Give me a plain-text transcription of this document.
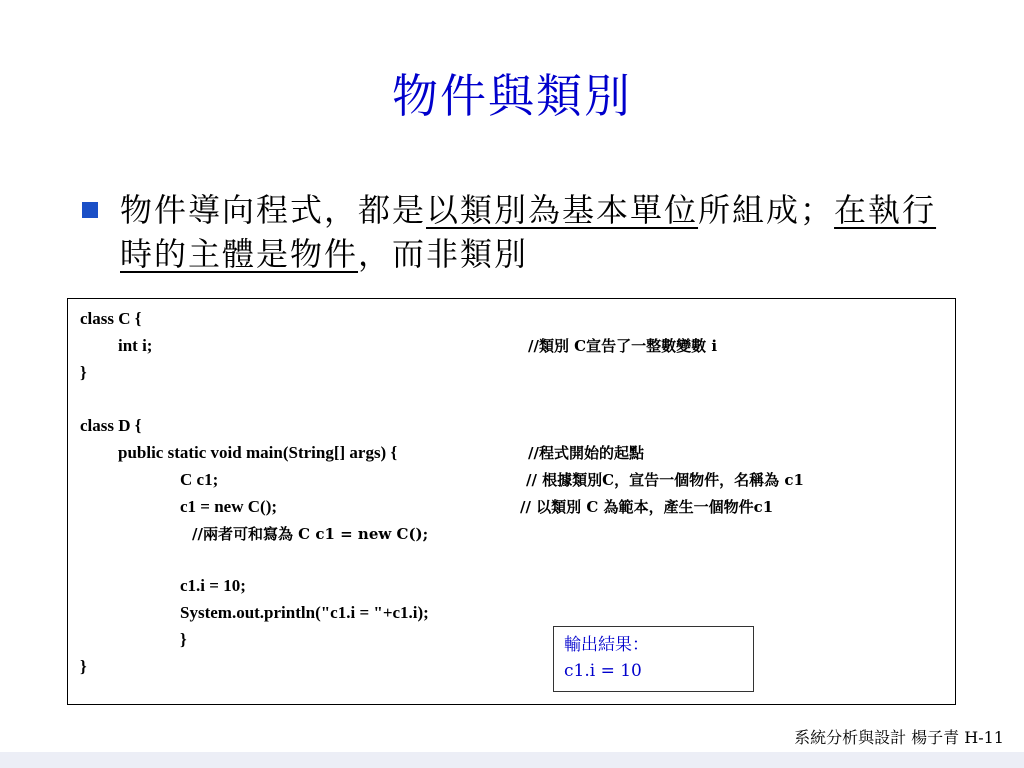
物件與類別
物件導向程式，都是以類別為基本單位所組成；在執行時的主體是物件，而非類別
class C {
int i;
}
class D {
public static void main(String[] args) {
C c1;
c1 = new C();
c1.i = 10;
System.out.println("c1.i = "+c1.i);
}
}
//類別 C宣告了一整數變數 i
//程式開始的起點
// 根據類別C，宣告一個物件，名稱為 c1
// 以類別 C 為範本，產生一個物件c1
//兩者可和寫為 C c1 = new C();
輸出結果：
c1.i = 10
系統分析與設計 楊子青 H-11
